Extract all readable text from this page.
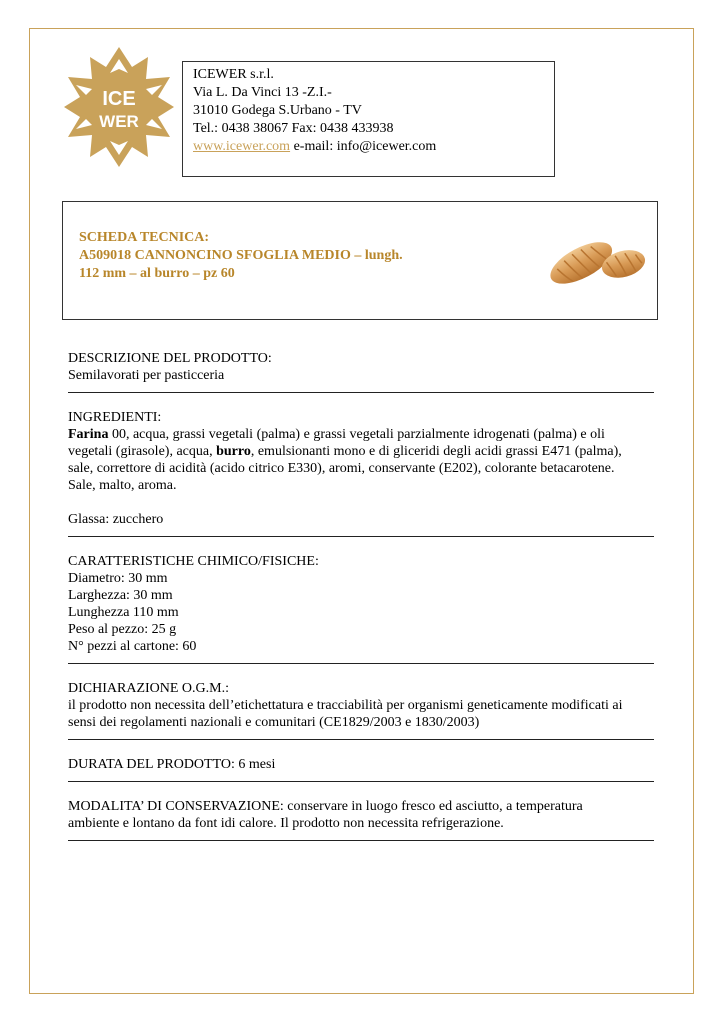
ICE
WER
ICEWER s.r.l.
Via L. Da Vinci 13 -Z.I.-
31010 Godega S.Urbano - TV
Tel.: 0438 38067 Fax: 0438 433938
www.icewer.com e-mail: info@icewer.com
SCHEDA TECNICA:
A509018 CANNONCINO SFOGLIA MEDIO – lungh.
112 mm – al burro – pz 60

DESCRIZIONE DEL PRODOTTO:

Semilavorati per pasticceria

INGREDIENTI:

Farina 00, acqua, grassi vegetali (palma) e grassi vegetali parzialmente idrogenati (palma) e oli

vegetali (girasole), acqua, burro, emulsionanti mono e di gliceridi degli acidi grassi E471 (palma),

sale, correttore di acidità (acido citrico E330), aromi, conservante (E202), colorante betacarotene.

Sale, malto, aroma.

Glassa: zucchero

CARATTERISTICHE CHIMICO/FISICHE:

Diametro: 30 mm

Larghezza: 30 mm

Lunghezza 110 mm

Peso al pezzo: 25 g

N° pezzi al cartone: 60

DICHIARAZIONE O.G.M.:

il prodotto non necessita dell’etichettatura e tracciabilità per organismi geneticamente modificati ai

sensi dei regolamenti nazionali e comunitari (CE1829/2003 e 1830/2003)

DURATA DEL PRODOTTO: 6 mesi

MODALITA’ DI CONSERVAZIONE: conservare in luogo fresco ed asciutto, a temperatura

ambiente e lontano da font idi calore. Il prodotto non necessita refrigerazione.
